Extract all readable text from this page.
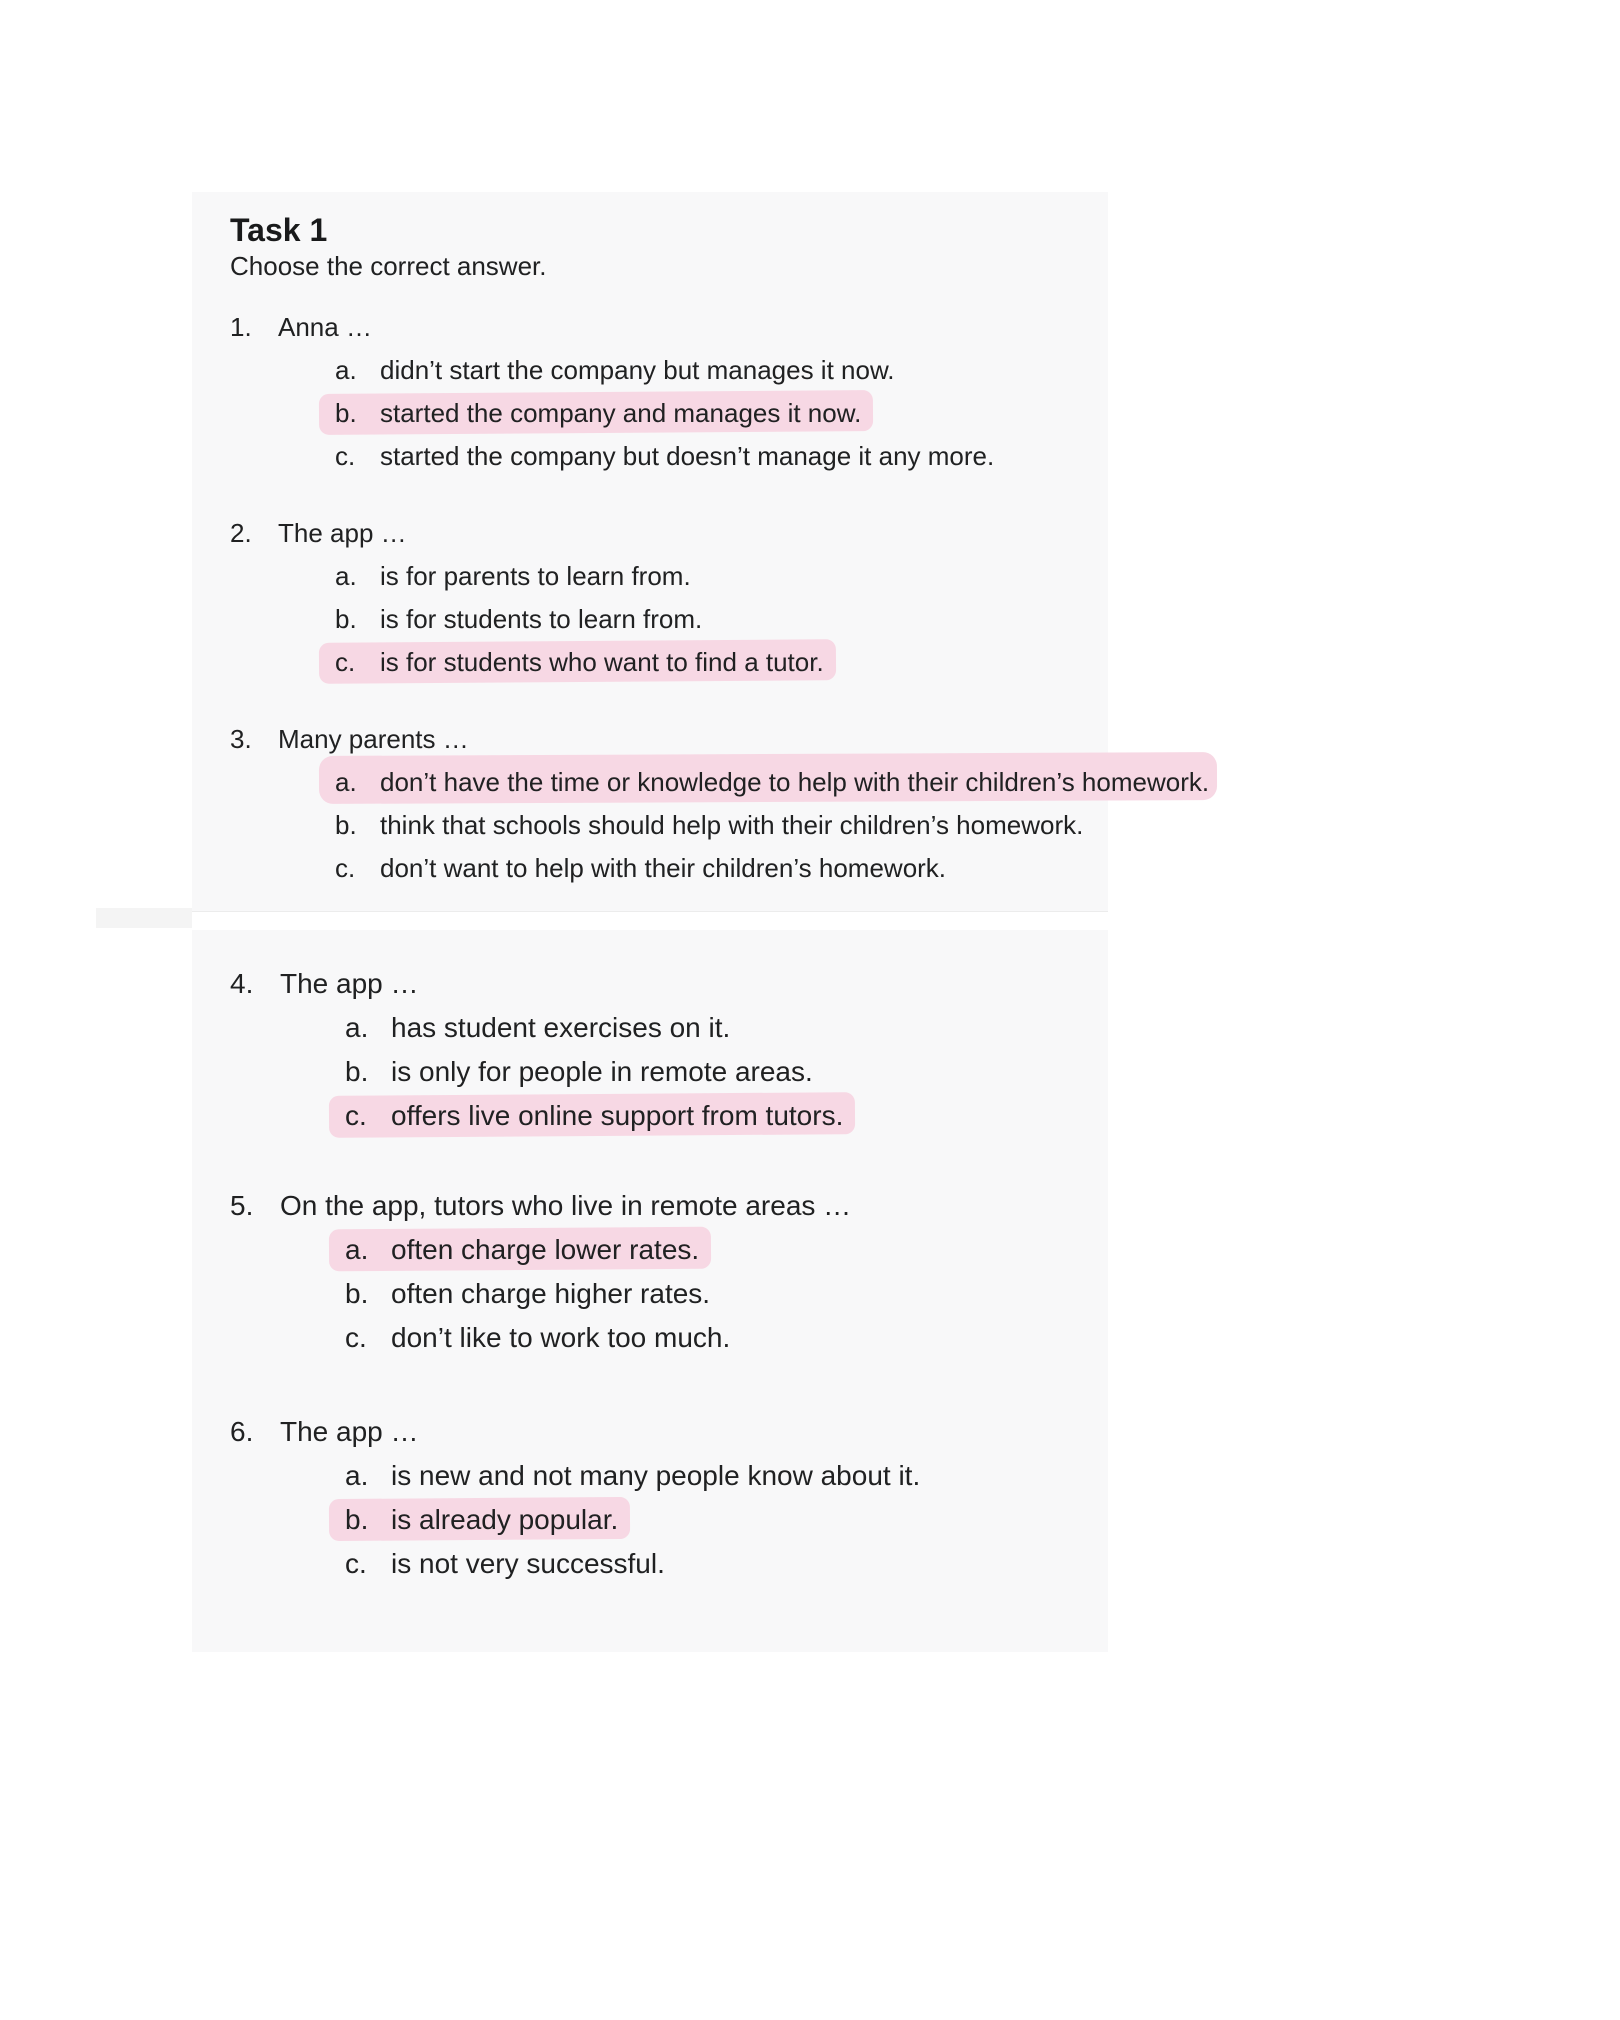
Task 1

Choose the correct answer.

1. Anna …
a. didn’t start the company but manages it now.
b. started the company and manages it now.
c. started the company but doesn’t manage it any more.
2. The app …
a. is for parents to learn from.
b. is for students to learn from.
c. is for students who want to find a tutor.
3. Many parents …
a. don’t have the time or knowledge to help with their children’s homework.
b. think that schools should help with their children’s homework.
c. don’t want to help with their children’s homework.
4. The app …
a. has student exercises on it.
b. is only for people in remote areas.
c. offers live online support from tutors.
5. On the app, tutors who live in remote areas …
a. often charge lower rates.
b. often charge higher rates.
c. don’t like to work too much.
6. The app …
a. is new and not many people know about it.
b. is already popular.
c. is not very successful.
